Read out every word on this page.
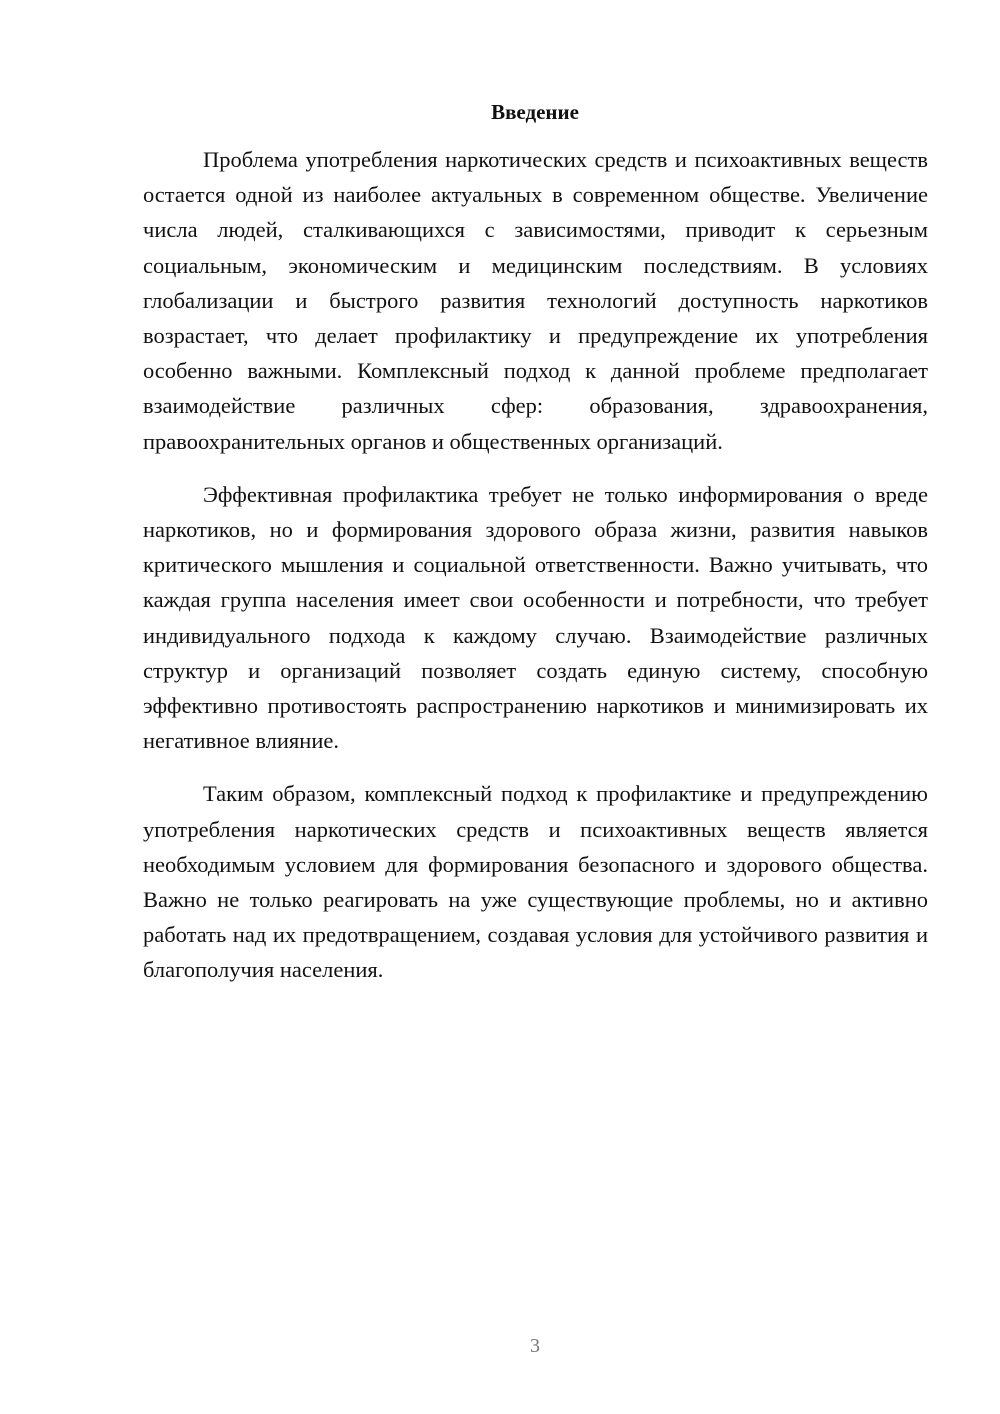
Введение

Проблема употребления наркотических средств и психоактивных веществ остается одной из наиболее актуальных в современном обществе. Увеличение числа людей, сталкивающихся с зависимостями, приводит к серьезным социальным, экономическим и медицинским последствиям. В условиях глобализации и быстрого развития технологий доступность наркотиков возрастает, что делает профилактику и предупреждение их употребления особенно важными. Комплексный подход к данной проблеме предполагает взаимодействие различных сфер: образования, здравоохранения, правоохранительных органов и общественных организаций.

Эффективная профилактика требует не только информирования о вреде наркотиков, но и формирования здорового образа жизни, развития навыков критического мышления и социальной ответственности. Важно учитывать, что каждая группа населения имеет свои особенности и потребности, что требует индивидуального подхода к каждому случаю. Взаимодействие различных структур и организаций позволяет создать единую систему, способную эффективно противостоять распространению наркотиков и минимизировать их негативное влияние.

Таким образом, комплексный подход к профилактике и предупреждению употребления наркотических средств и психоактивных веществ является необходимым условием для формирования безопасного и здорового общества. Важно не только реагировать на уже существующие проблемы, но и активно работать над их предотвращением, создавая условия для устойчивого развития и благополучия населения.

3
